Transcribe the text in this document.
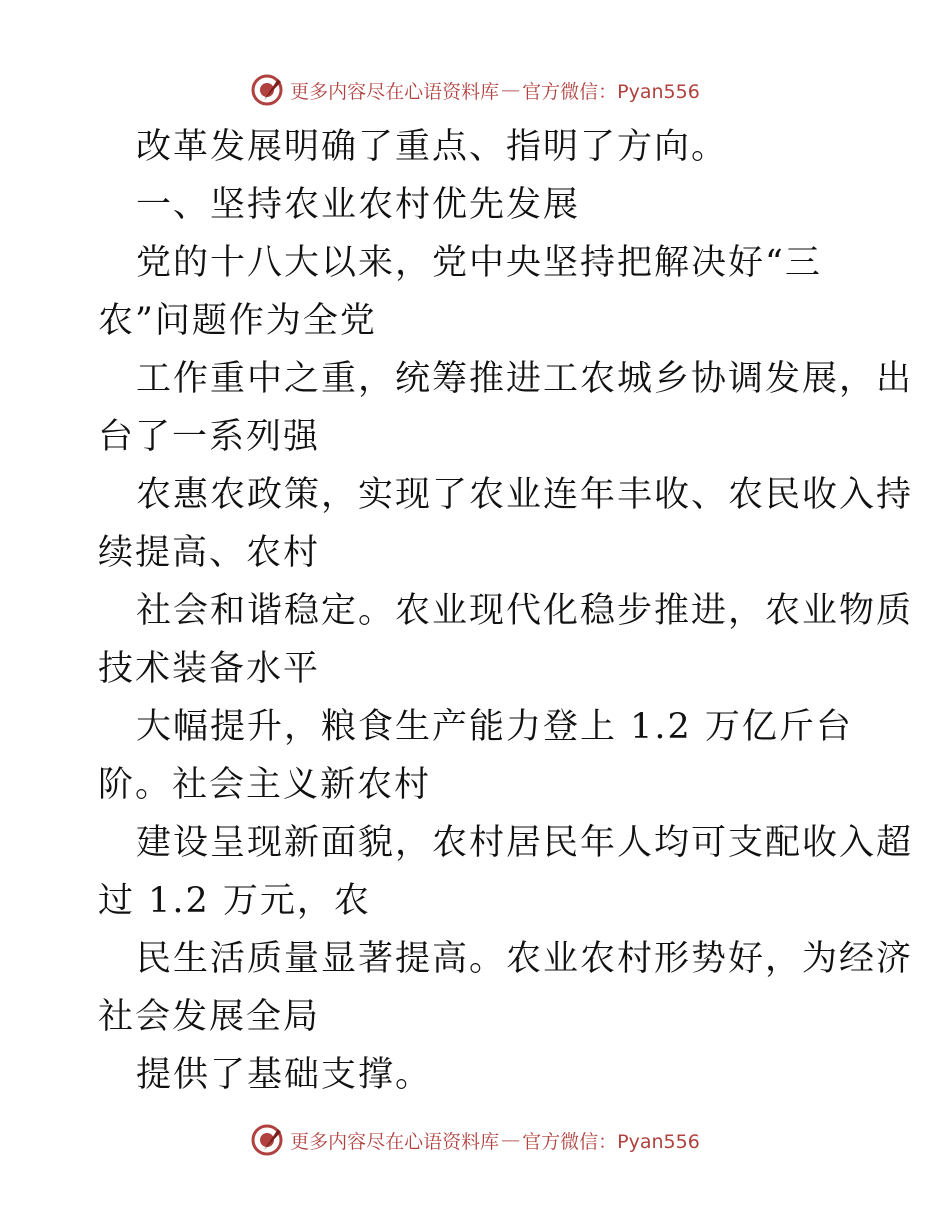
更多内容尽在心语资料库 — 官方微信：Pyan556
改革发展明确了重点、指明了方向。
一、坚持农业农村优先发展
党的十八大以来，党中央坚持把解决好“三
农”问题作为全党
工作重中之重，统筹推进工农城乡协调发展，出
台了一系列强
农惠农政策，实现了农业连年丰收、农民收入持
续提高、农村
社会和谐稳定。农业现代化稳步推进，农业物质
技术装备水平
大幅提升，粮食生产能力登上 1.2 万亿斤台
阶。社会主义新农村
建设呈现新面貌，农村居民年人均可支配收入超
过 1.2 万元，农
民生活质量显著提高。农业农村形势好，为经济
社会发展全局
提供了基础支撑。
更多内容尽在心语资料库 — 官方微信：Pyan556
